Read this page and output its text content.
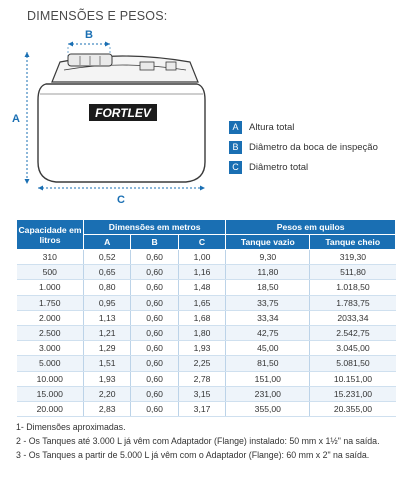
DIMENSÕES E PESOS:
B
A
C
FORTLEV
A	Altura total
B	Diâmetro da boca de inspeção
C	Diâmetro total
Capacidade em litros	Dimensões em metros			Pesos em quilos	
	A	B	C	Tanque vazio	Tanque cheio
310	0,52	0,60	1,00	9,30	319,30
500	0,65	0,60	1,16	11,80	511,80
1.000	0,80	0,60	1,48	18,50	1.018,50
1.750	0,95	0,60	1,65	33,75	1.783,75
2.000	1,13	0,60	1,68	33,34	2033,34
2.500	1,21	0,60	1,80	42,75	2.542,75
3.000	1,29	0,60	1,93	45,00	3.045,00
5.000	1,51	0,60	2,25	81,50	5.081,50
10.000	1,93	0,60	2,78	151,00	10.151,00
15.000	2,20	0,60	3,15	231,00	15.231,00
20.000	2,83	0,60	3,17	355,00	20.355,00
1- Dimensões aproximadas.
2 - Os Tanques até 3.000 L já vêm com Adaptador (Flange) instalado: 50 mm x 1½" na saída.
3 - Os Tanques a partir de 5.000 L já vêm com o Adaptador (Flange): 60 mm x 2" na saída.
